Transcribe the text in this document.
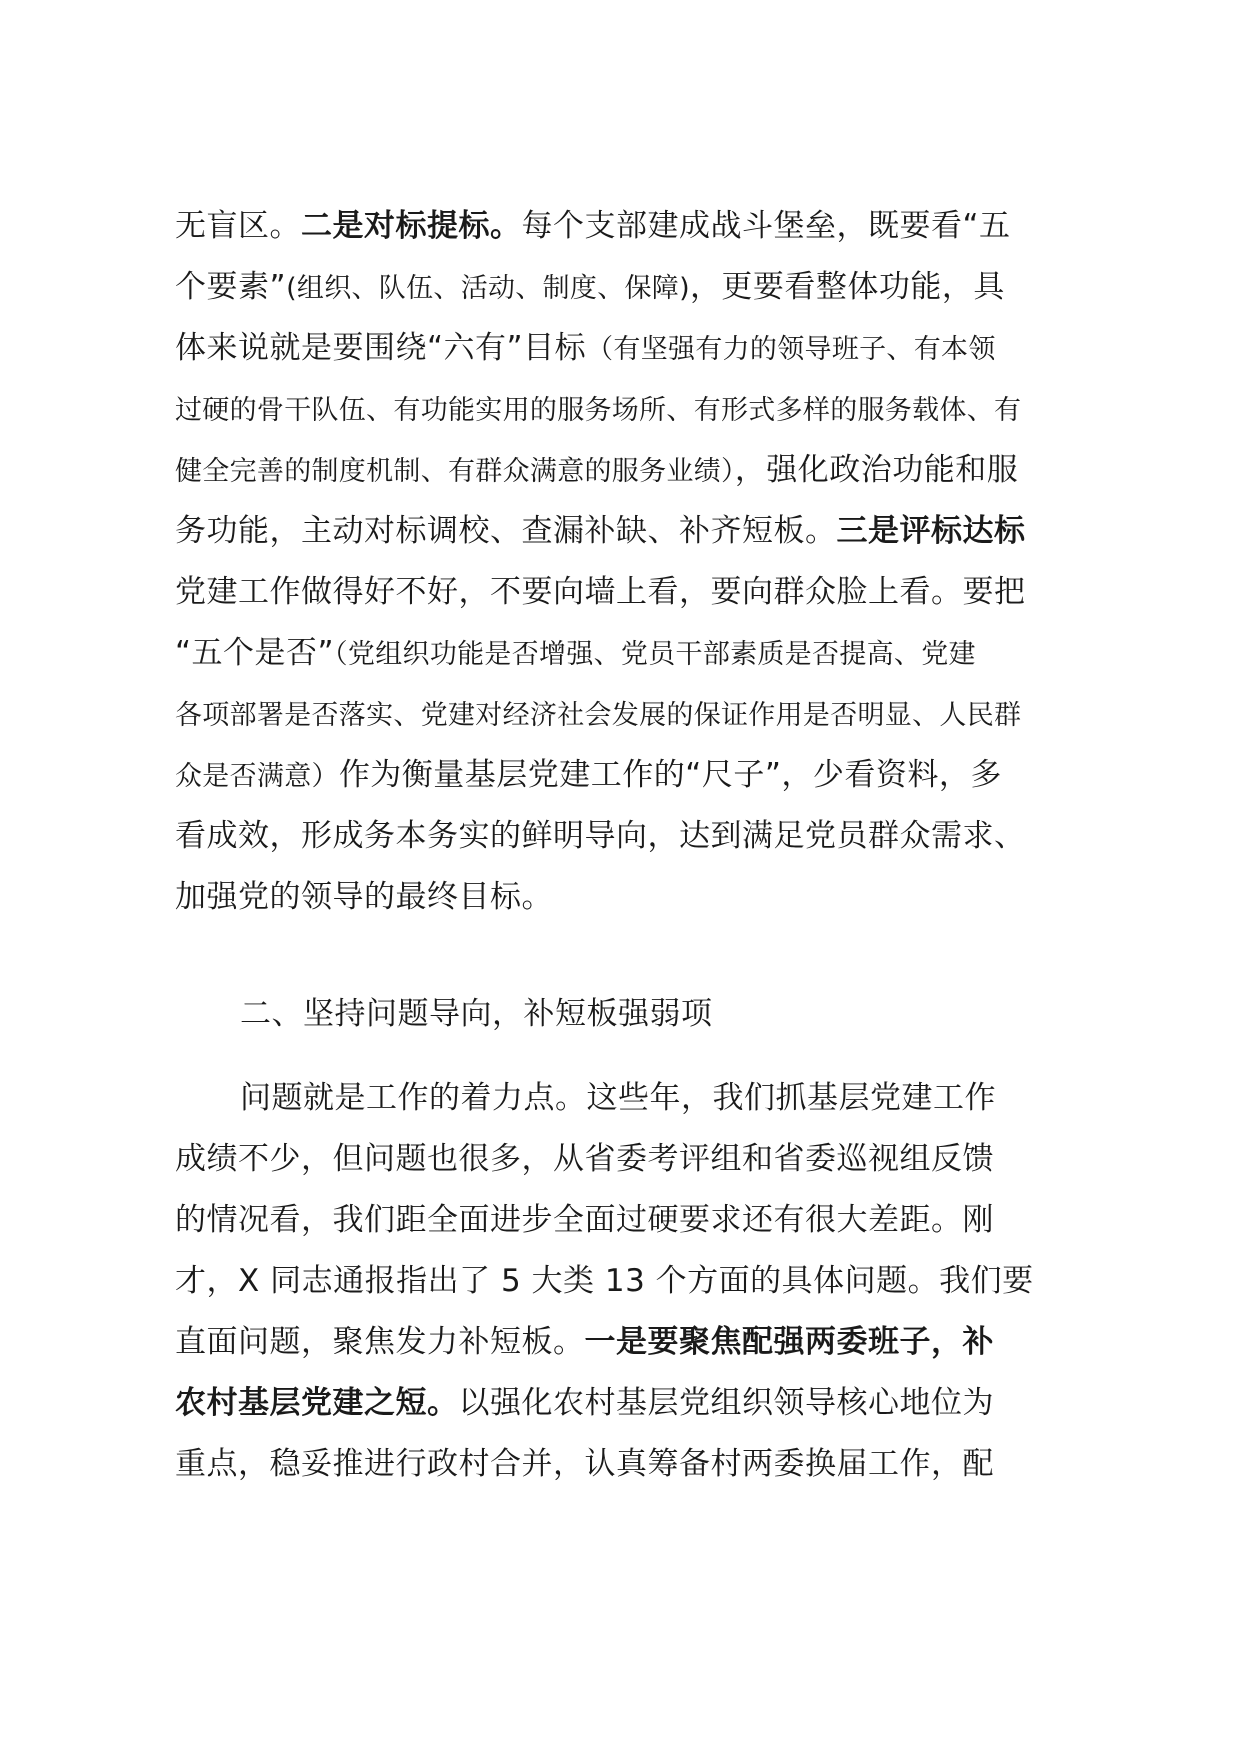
无盲区。二是对标提标。每个支部建成战斗堡垒，既要看“五
个要素”(组织、队伍、活动、制度、保障)，更要看整体功能，具
体来说就是要围绕“六有”目标（有坚强有力的领导班子、有本领
过硬的骨干队伍、有功能实用的服务场所、有形式多样的服务载体、有
健全完善的制度机制、有群众满意的服务业绩），强化政治功能和服
务功能，主动对标调校、查漏补缺、补齐短板。三是评标达标
党建工作做得好不好，不要向墙上看，要向群众脸上看。要把
“五个是否”（党组织功能是否增强、党员干部素质是否提高、党建
各项部署是否落实、党建对经济社会发展的保证作用是否明显、人民群
众是否满意）作为衡量基层党建工作的“尺子”，少看资料，多
看成效，形成务本务实的鲜明导向，达到满足党员群众需求、
加强党的领导的最终目标。
二、坚持问题导向，补短板强弱项
问题就是工作的着力点。这些年，我们抓基层党建工作
成绩不少，但问题也很多，从省委考评组和省委巡视组反馈
的情况看，我们距全面进步全面过硬要求还有很大差距。刚
才，X 同志通报指出了 5 大类 13 个方面的具体问题。我们要
直面问题，聚焦发力补短板。一是要聚焦配强两委班子，补
农村基层党建之短。以强化农村基层党组织领导核心地位为
重点，稳妥推进行政村合并，认真筹备村两委换届工作，配
